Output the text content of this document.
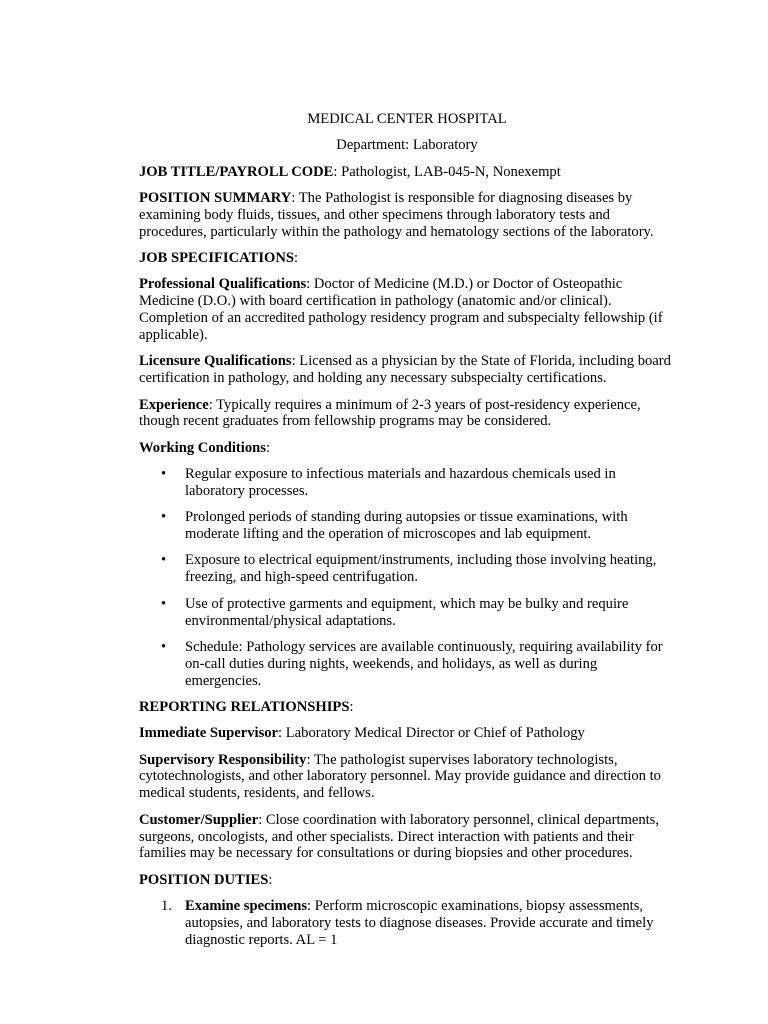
MEDICAL CENTER HOSPITAL

Department: Laboratory

JOB TITLE/PAYROLL CODE: Pathologist, LAB-045-N, Nonexempt

POSITION SUMMARY: The Pathologist is responsible for diagnosing diseases by examining body fluids, tissues, and other specimens through laboratory tests and procedures, particularly within the pathology and hematology sections of the laboratory.

JOB SPECIFICATIONS:

Professional Qualifications: Doctor of Medicine (M.D.) or Doctor of Osteopathic Medicine (D.O.) with board certification in pathology (anatomic and/or clinical). Completion of an accredited pathology residency program and subspecialty fellowship (if applicable).

Licensure Qualifications: Licensed as a physician by the State of Florida, including board certification in pathology, and holding any necessary subspecialty certifications.

Experience: Typically requires a minimum of 2-3 years of post-residency experience, though recent graduates from fellowship programs may be considered.

Working Conditions:

• Regular exposure to infectious materials and hazardous chemicals used in laboratory processes.
• Prolonged periods of standing during autopsies or tissue examinations, with moderate lifting and the operation of microscopes and lab equipment.
• Exposure to electrical equipment/instruments, including those involving heating, freezing, and high-speed centrifugation.
• Use of protective garments and equipment, which may be bulky and require environmental/physical adaptations.
• Schedule: Pathology services are available continuously, requiring availability for on-call duties during nights, weekends, and holidays, as well as during emergencies.

REPORTING RELATIONSHIPS:

Immediate Supervisor: Laboratory Medical Director or Chief of Pathology

Supervisory Responsibility: The pathologist supervises laboratory technologists, cytotechnologists, and other laboratory personnel. May provide guidance and direction to medical students, residents, and fellows.

Customer/Supplier: Close coordination with laboratory personnel, clinical departments, surgeons, oncologists, and other specialists. Direct interaction with patients and their families may be necessary for consultations or during biopsies and other procedures.

POSITION DUTIES:

1. Examine specimens: Perform microscopic examinations, biopsy assessments, autopsies, and laboratory tests to diagnose diseases. Provide accurate and timely diagnostic reports. AL = 1
